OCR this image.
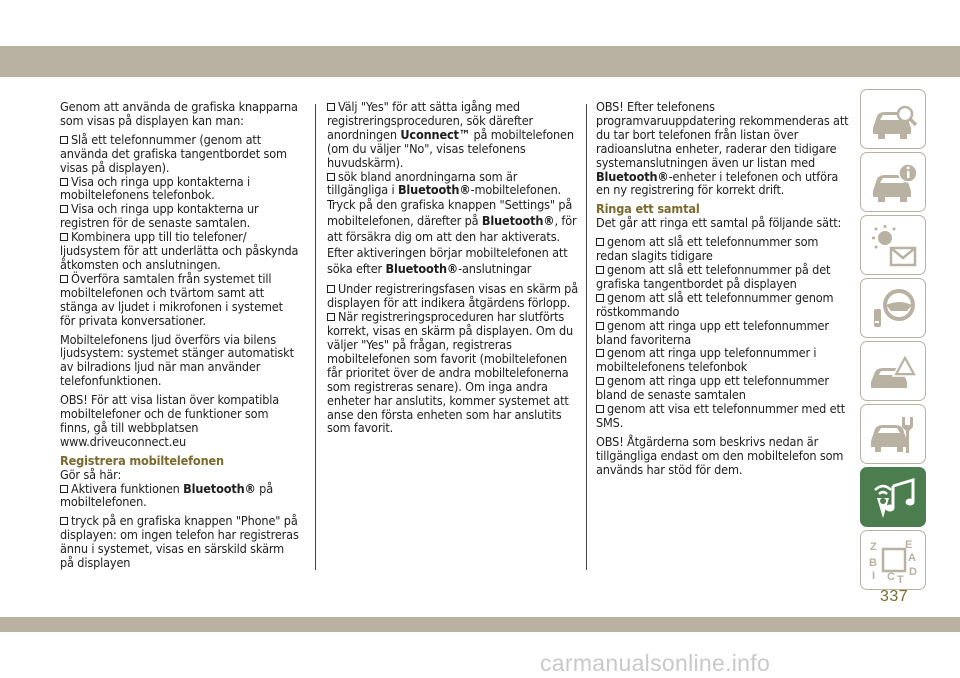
Genom att använda de grafiska knapparna som visas på displayen kan man:

Slå ett telefonnummer (genom att använda det grafiska tangentbordet som visas på displayen).
Visa och ringa upp kontakterna i mobiltelefonens telefonbok.
Visa och ringa upp kontakterna ur registren för de senaste samtalen.
Kombinera upp till tio telefoner/ ljudsystem för att underlätta och påskynda åtkomsten och anslutningen.

Överföra samtalen från systemet till mobiltelefonen och tvärtom samt att stänga av ljudet i mikrofonen i systemet för privata konversationer.

Mobiltelefonens ljud överförs via bilens ljudsystem: systemet stänger automatiskt av bilradions ljud när man använder telefonfunktionen.

OBS! För att visa listan över kompatibla mobiltelefoner och de funktioner som finns, gå till webbplatsen www.driveuconnect.eu

Registrera mobiltelefonen
Gör så här:

Aktivera funktionen Bluetooth® på mobiltelefonen.

tryck på en grafiska knappen "Phone" på displayen: om ingen telefon har registreras ännu i systemet, visas en särskild skärm på displayen
Välj "Yes" för att sätta igång med registreringsproceduren, sök därefter anordningen Uconnect™ på mobiltelefonen (om du väljer "No", visas telefonens huvudskärm).
sök bland anordningarna som är tillgängliga i Bluetooth®-mobiltelefonen.

Tryck på den grafiska knappen "Settings" på mobiltelefonen, därefter på Bluetooth®, för att försäkra dig om att den har aktiverats. Efter aktiveringen börjar mobiltelefonen att söka efter Bluetooth®-anslutningar

Under registreringsfasen visas en skärm på displayen för att indikera åtgärdens förlopp.
När registreringsproceduren har slutförts korrekt, visas en skärm på displayen. Om du väljer "Yes" på frågan, registreras mobiltelefonen som favorit (mobiltelefonen får prioritet över de andra mobiltelefonerna som registreras senare). Om inga andra enheter har anslutits, kommer systemet att anse den första enheten som har anslutits som favorit.

OBS! Efter telefonens programvaruuppdatering rekommenderas att du tar bort telefonen från listan över radioanslutna enheter, raderar den tidigare systemanslutningen även ur listan med Bluetooth®-enheter i telefonen och utföra en ny registrering för korrekt drift.

Ringa ett samtal

Det går att ringa ett samtal på följande sätt:

genom att slå ett telefonnummer som redan slagits tidigare
genom att slå ett telefonnummer på det grafiska tangentbordet på displayen
genom att slå ett telefonnummer genom röstkommando
genom att ringa upp ett telefonnummer bland favoriterna
genom att ringa upp telefonnummer i mobiltelefonens telefonbok
genom att ringa upp ett telefonnummer bland de senaste samtalen

genom att visa ett telefonnummer med ett SMS.

OBS! Åtgärderna som beskrivs nedan är tillgängliga endast om den mobiltelefon som används har stöd för dem.

Z	E
A
B
C D
I T
337
carmanualsonline.info
